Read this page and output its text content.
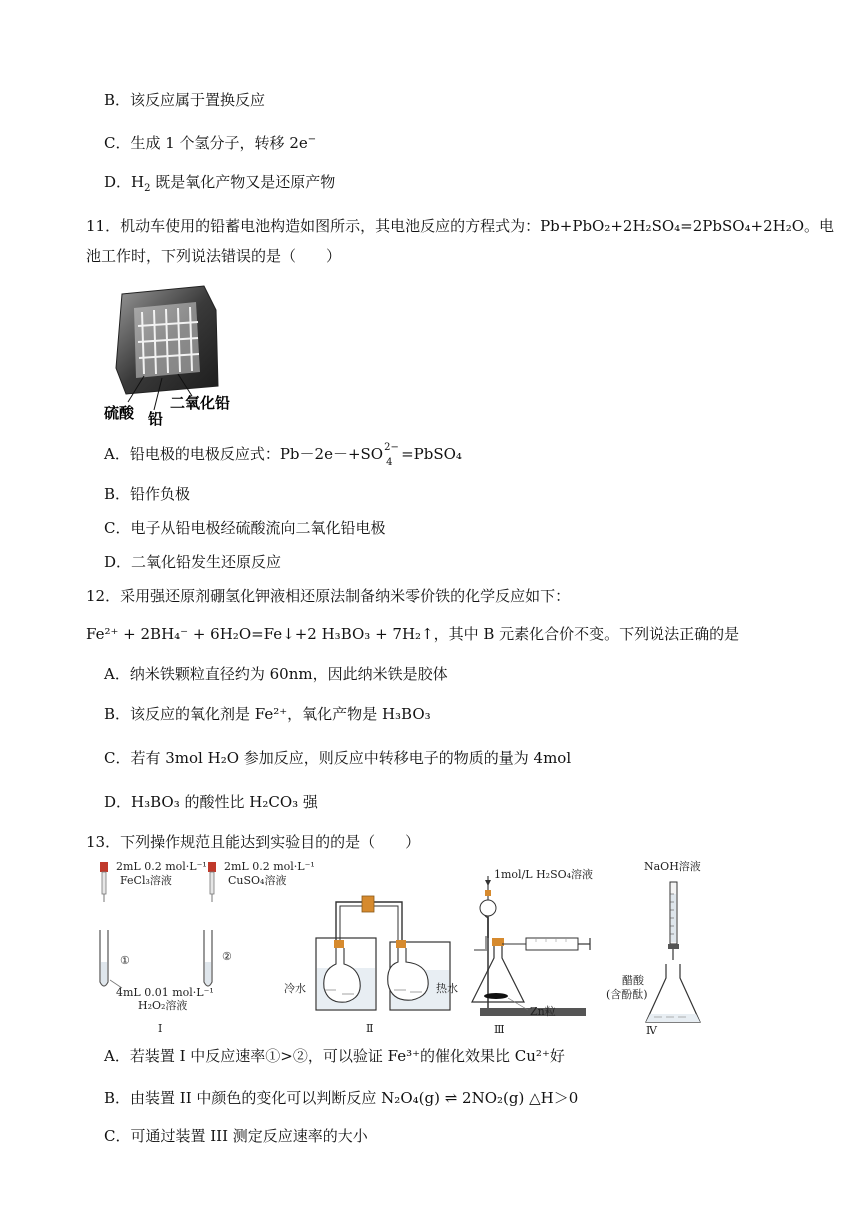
B．该反应属于置换反应
C．生成 1 个氢分子，转移 2e−
D．$H_2$ 既是氧化产物又是还原产物
11．机动车使用的铅蓄电池构造如图所示，其电池反应的方程式为：Pb+PbO₂+2H₂SO₄=2PbSO₄+2H₂O。电
池工作时，下列说法错误的是（　　）
硫酸 铅
二氧化铅
A．铅电极的电极反应式：Pb－2e－+SO 2−
4 =PbSO₄
B．铅作负极
C．电子从铅电极经硫酸流向二氧化铅电极
D．二氧化铅发生还原反应
12．采用强还原剂硼氢化钾液相还原法制备纳米零价铁的化学反应如下：
Fe²⁺ + 2BH₄⁻ + 6H₂O=Fe↓+2 H₃BO₃ + 7H₂↑，其中 B 元素化合价不变。下列说法正确的是
A．纳米铁颗粒直径约为 60nm，因此纳米铁是胶体
B．该反应的氧化剂是 Fe²⁺，氧化产物是 H₃BO₃
C．若有 3mol H₂O 参加反应，则反应中转移电子的物质的量为 4mol
D．H₃BO₃ 的酸性比 H₂CO₃ 强
13．下列操作规范且能达到实验目的的是（　　）
2mL 0.2 mol·L⁻¹
FeCl₃溶液
2mL 0.2 mol·L⁻¹
CuSO₄溶液
①	②
4mL 0.01 mol·L⁻¹
H₂O₂溶液
Ⅰ
冷水	热水
Ⅱ
1mol/L H₂SO₄溶液
Zn粒
Ⅲ
NaOH溶液
醋酸
(含酚酞)
Ⅳ
A．若装置 I 中反应速率①>②，可以验证 Fe³⁺的催化效果比 Cu²⁺好
B．由装置 II 中颜色的变化可以判断反应 N₂O₄(g) ⇌ 2NO₂(g) △H＞0
C．可通过装置 III 测定反应速率的大小
